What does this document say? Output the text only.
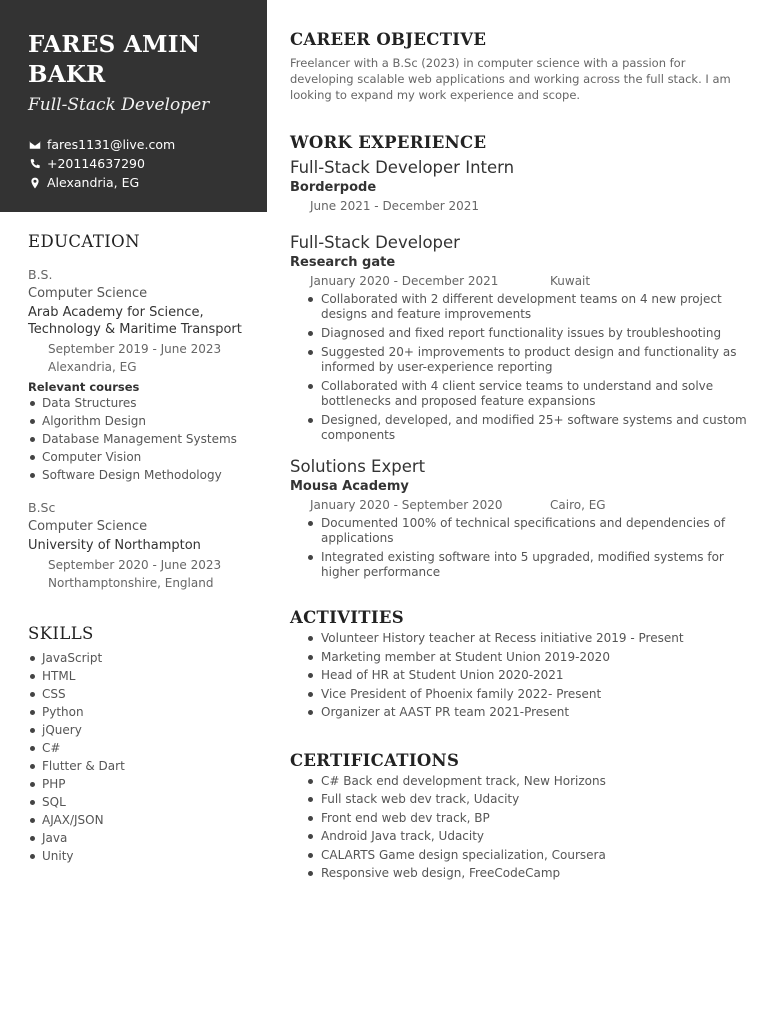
FARES AMIN BAKR
Full-Stack Developer
fares1131@live.com
+20114637290
Alexandria, EG
EDUCATION
B.S.
Computer Science
Arab Academy for Science, Technology & Maritime Transport
September 2019 - June 2023
Alexandria, EG
Relevant courses
Data Structures
Algorithm Design
Database Management Systems
Computer Vision
Software Design Methodology
B.Sc
Computer Science
University of Northampton
September 2020 - June 2023
Northamptonshire, England
SKILLS
JavaScript
HTML
CSS
Python
jQuery
C#
Flutter & Dart
PHP
SQL
AJAX/JSON
Java
Unity
CAREER OBJECTIVE
Freelancer with a B.Sc (2023) in computer science with a passion for developing scalable web applications and working across the full stack. I am looking to expand my work experience and scope.
WORK EXPERIENCE
Full-Stack Developer Intern
Borderpode
June 2021 - December 2021
Full-Stack Developer
Research gate
January 2020 - December 2021	Kuwait
Collaborated with 2 different development teams on 4 new project designs and feature improvements
Diagnosed and fixed report functionality issues by troubleshooting
Suggested 20+ improvements to product design and functionality as informed by user-experience reporting
Collaborated with 4 client service teams to understand and solve bottlenecks and proposed feature expansions
Designed, developed, and modified 25+ software systems and custom components
Solutions Expert
Mousa Academy
January 2020 - September 2020	Cairo, EG
Documented 100% of technical specifications and dependencies of applications
Integrated existing software into 5 upgraded, modified systems for higher performance
ACTIVITIES
Volunteer History teacher at Recess initiative 2019 - Present
Marketing member at Student Union 2019-2020
Head of HR at Student Union 2020-2021
Vice President of Phoenix family 2022- Present
Organizer at AAST PR team 2021-Present
CERTIFICATIONS
C# Back end development track, New Horizons
Full stack web dev track, Udacity
Front end web dev track, BP
Android Java track, Udacity
CALARTS Game design specialization, Coursera
Responsive web design, FreeCodeCamp
